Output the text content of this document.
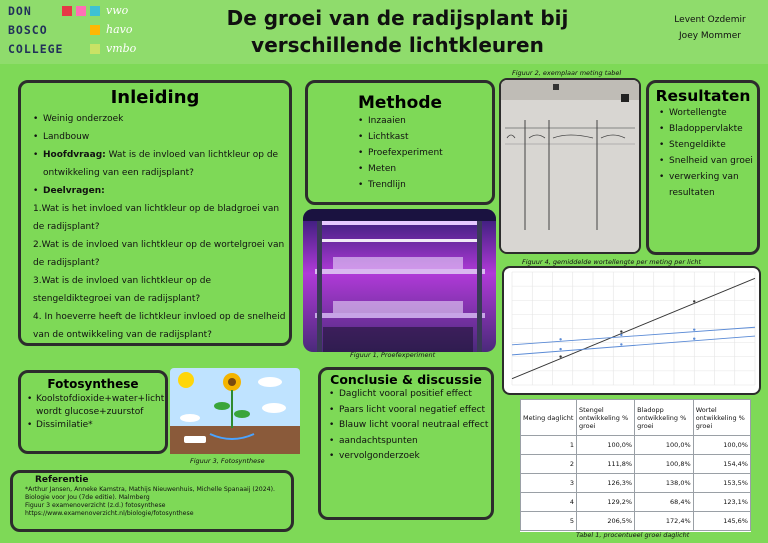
DON	vwo
BOSCO	havo
COLLEGE	vmbo
De groei van de radijsplant bij verschillende lichtkleuren
Levent Ozdemir
Joey Mommer
Inleiding
• Weinig onderzoek
• Landbouw
• Hoofdvraag: Wat is de invloed van lichtkleur op de ontwikkeling van een radijsplant?
• Deelvragen:
1.Wat is het invloed van lichtkleur op de bladgroei van de radijsplant?
2.Wat is de invloed van lichtkleur op de wortelgroei van de radijsplant?
3.Wat is de invloed van lichtkleur op de stengeldiktegroei van de radijsplant?
4. In hoeverre heeft de lichtkleur invloed op de snelheid van de ontwikkeling van de radijsplant?
Methode
• Inzaaien
• Lichtkast
• Proefexperiment
• Meten
• Trendlijn
Figuur 1, Proefexperiment
Figuur 2, exemplaar meting tabel
Resultaten
• Wortellengte
• Bladoppervlakte
• Stengeldikte
• Snelheid van groei
• verwerking van resultaten
Figuur 4, gemiddelde wortellengte per meting per licht
Fotosynthese
• Koolstofdioxide+water+licht wordt glucose+zuurstof
• Dissimilatie*
Figuur 3, Fotosynthese
Conclusie & discussie
• Daglicht vooral positief effect
• Paars licht vooral negatief effect
• Blauw licht vooral neutraal effect
• aandachtspunten
• vervolgonderzoek
Referentie

*Arthur Jansen, Anneke Kamstra, Mathijs Nieuwenhuis, Michelle Spanaaij (2024). Biologie voor Jou (7de editie). Malmberg
Figuur 3 examenoverzicht (z.d.) fotosynthese
https://www.examenoverzicht.nl/biologie/fotosynthese

Meting daglicht	Stengel ontwikkeling % groei	Bladopp ontwikkeling % groei	Wortel ontwikkeling % groei
1	100,0%	100,0%	100,0%
2	111,8%	100,8%	154,4%
3	126,3%	138,0%	153,5%
4	129,2%	68,4%	123,1%
5	206,5%	172,4%	145,6%
Tabel 1, procentueel groei daglicht
